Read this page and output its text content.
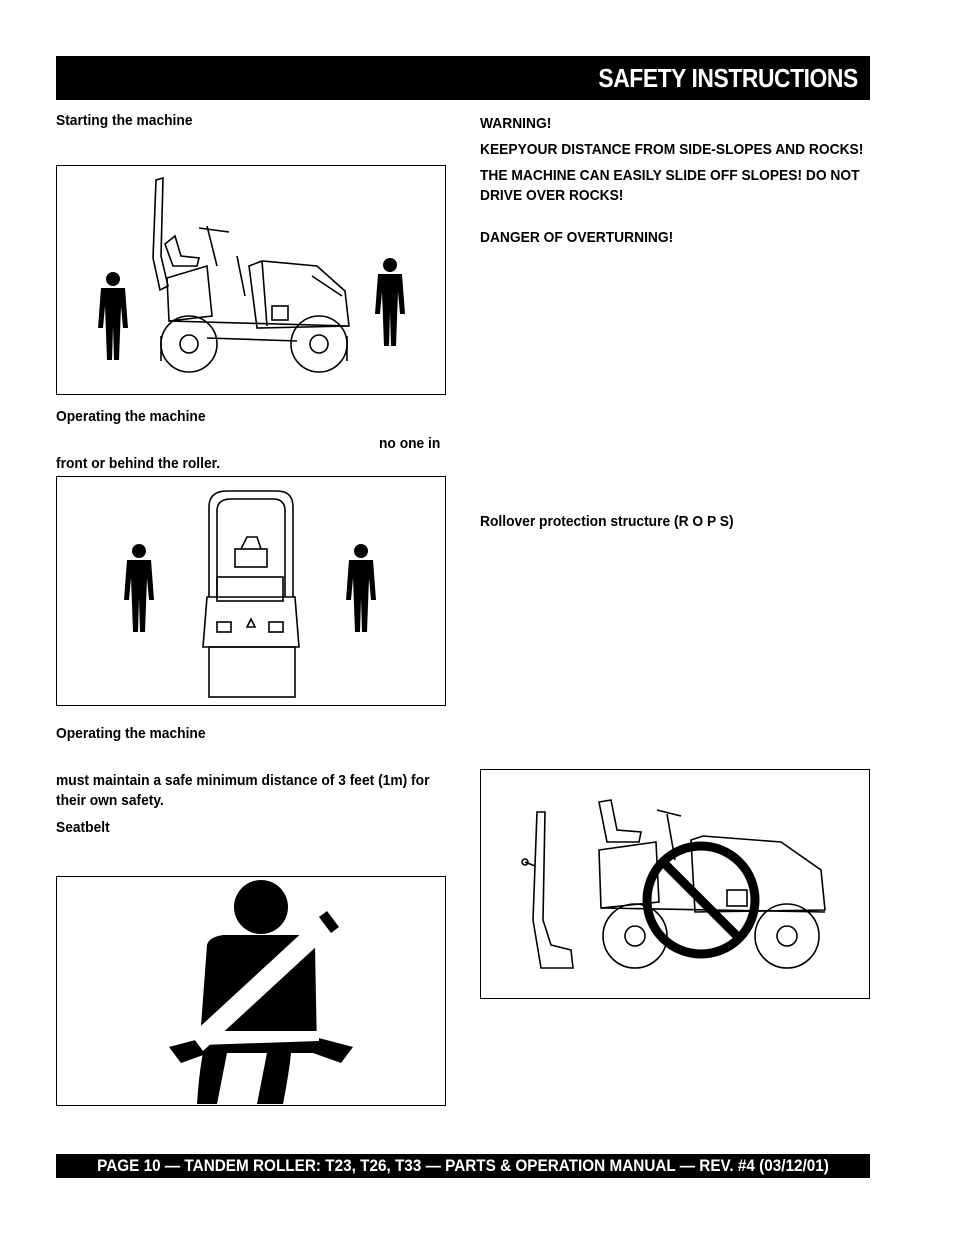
SAFETY INSTRUCTIONS
Starting the machine
Operating the machine
no one in
front or behind the roller.
Operating the machine
must maintain a safe minimum distance of 3 feet (1m) for
their own safety.
Seatbelt
WARNING!
KEEPYOUR DISTANCE FROM SIDE-SLOPES AND ROCKS!
THE MACHINE CAN EASILY SLIDE OFF SLOPES! DO NOT
DRIVE OVER ROCKS!
DANGER OF OVERTURNING!
Rollover protection structure (R O P S)
PAGE 10 — TANDEM ROLLER: T23, T26, T33 — PARTS & OPERATION MANUAL — REV. #4 (03/12/01)
